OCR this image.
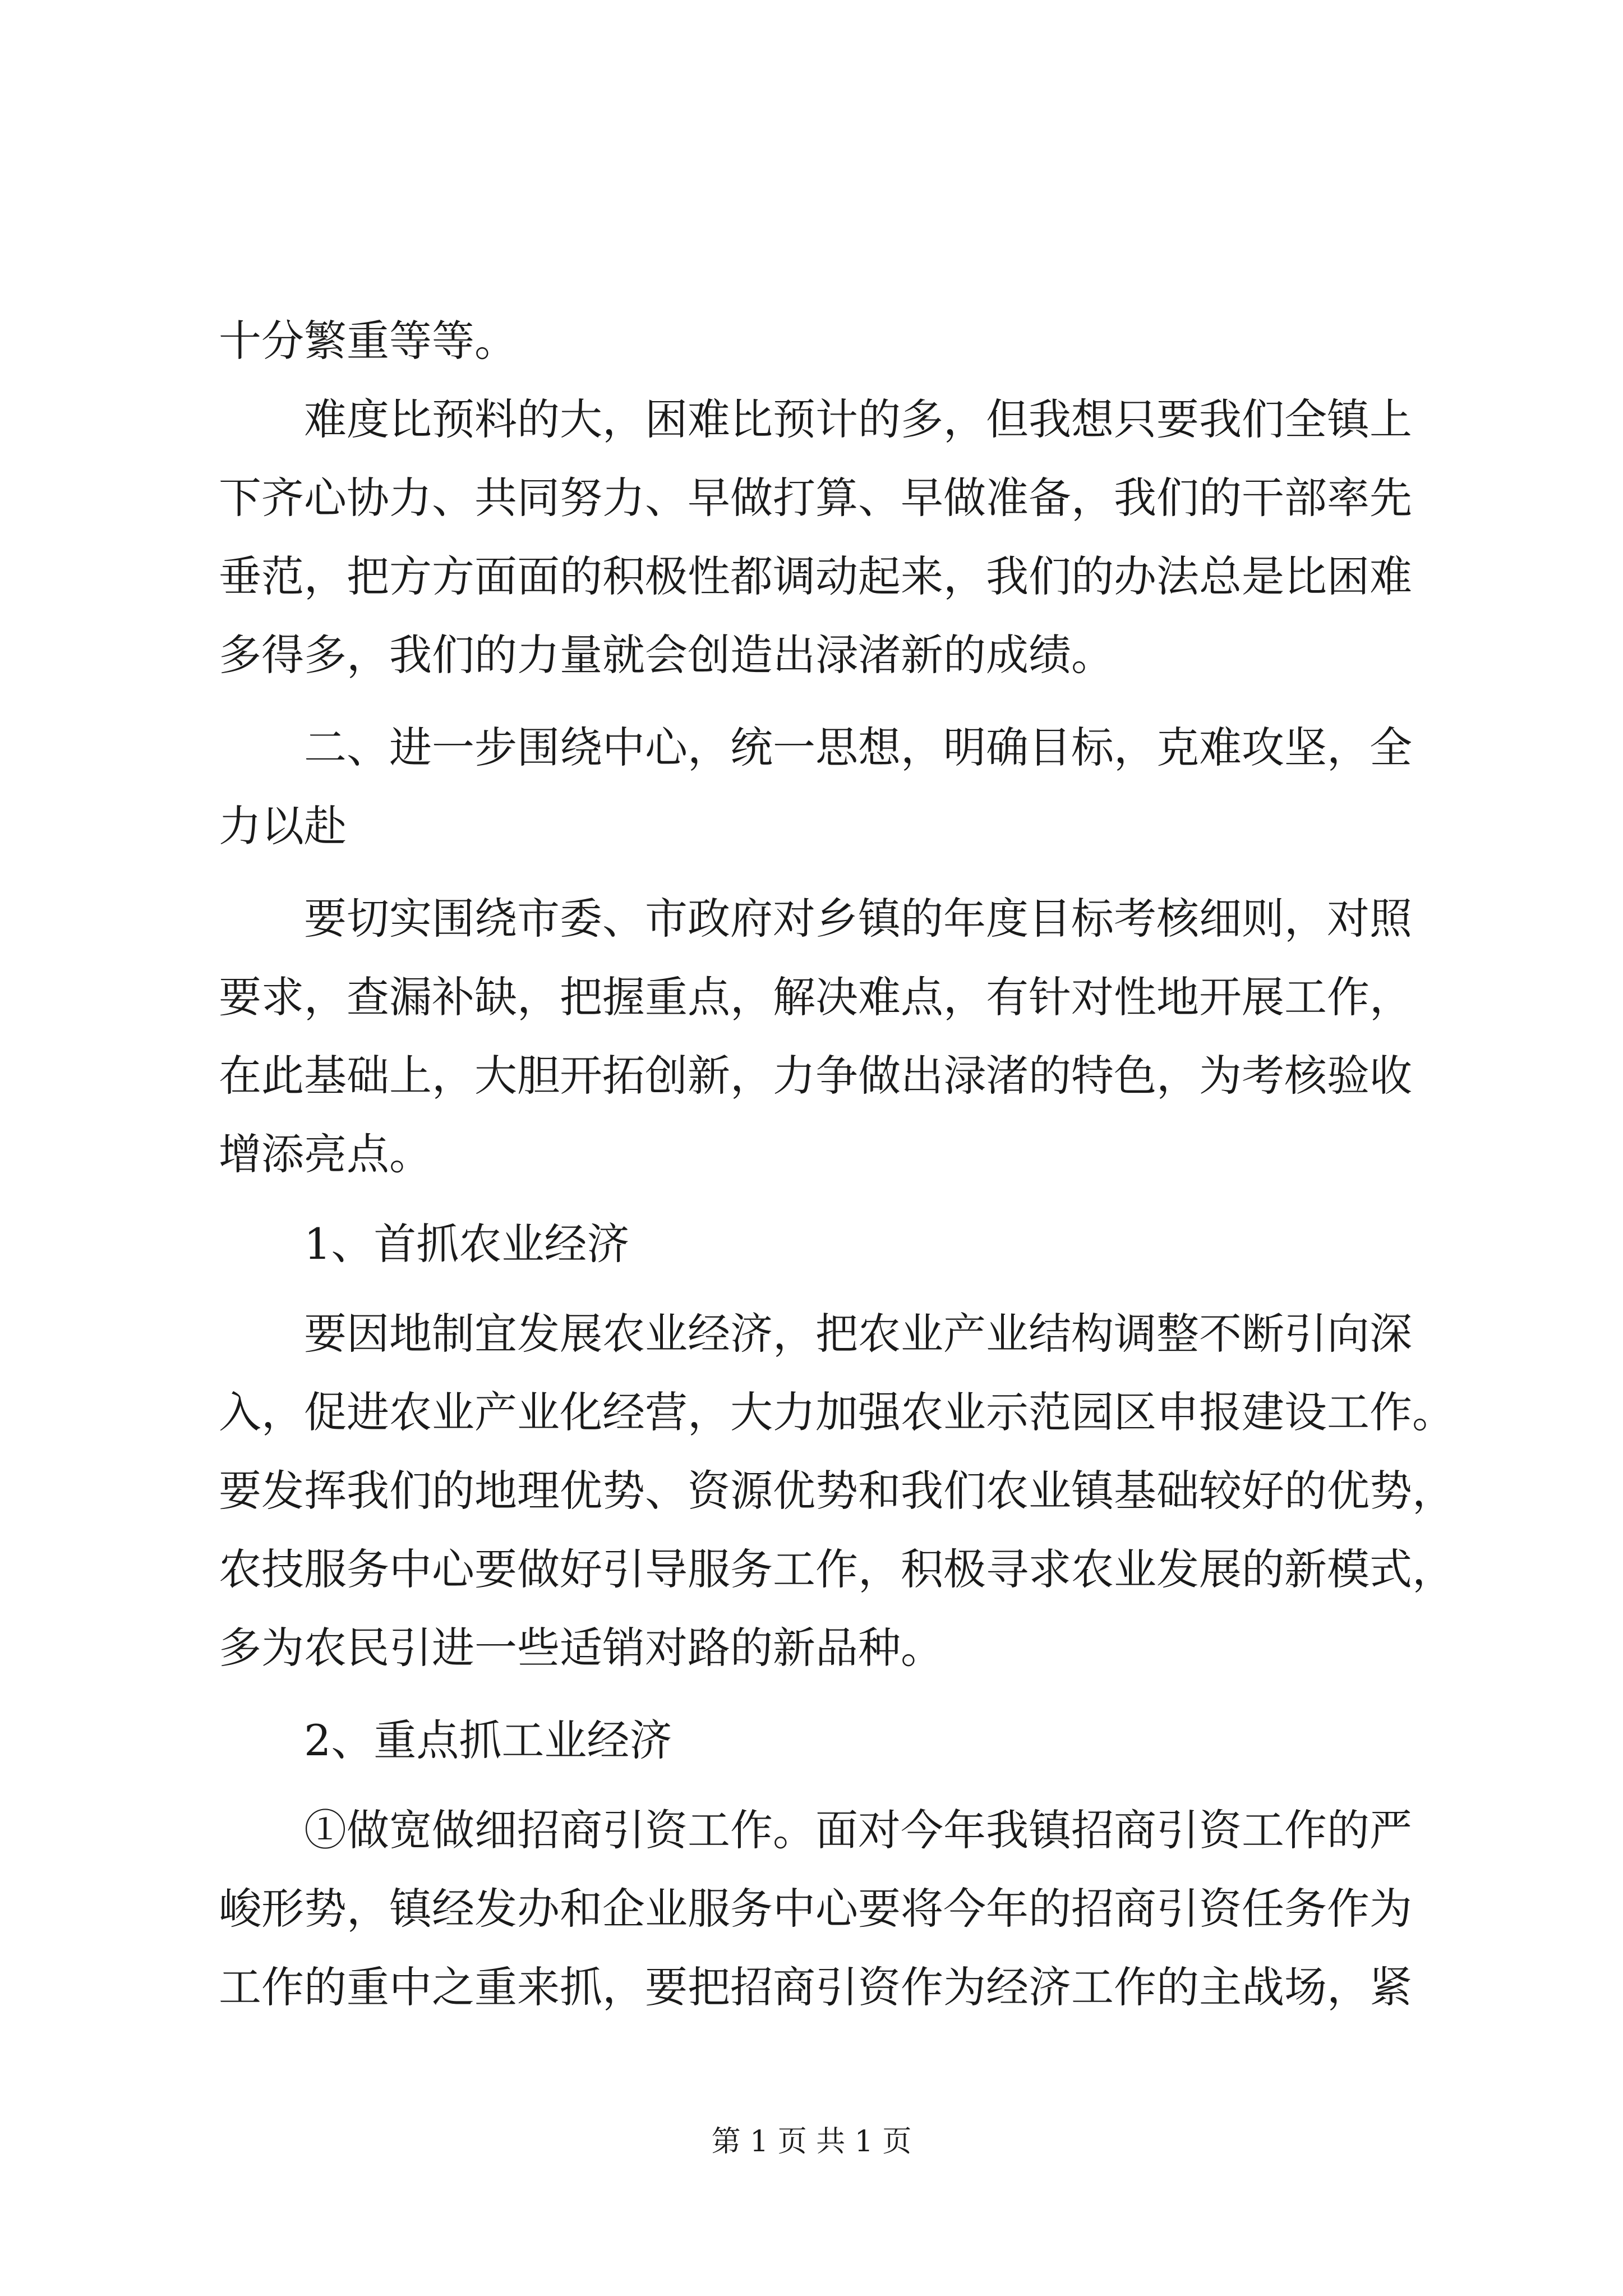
十分繁重等等。
难度比预料的大，困难比预计的多，但我想只要我们全镇上
下齐心协力、共同努力、早做打算、早做准备，我们的干部率先
垂范，把方方面面的积极性都调动起来，我们的办法总是比困难
多得多，我们的力量就会创造出渌渚新的成绩。
二、进一步围绕中心，统一思想，明确目标，克难攻坚，全
力以赴
要切实围绕市委、市政府对乡镇的年度目标考核细则，对照
要求，查漏补缺，把握重点，解决难点，有针对性地开展工作，
在此基础上，大胆开拓创新，力争做出渌渚的特色，为考核验收
增添亮点。
1、首抓农业经济
要因地制宜发展农业经济，把农业产业结构调整不断引向深
入，促进农业产业化经营，大力加强农业示范园区申报建设工作。
要发挥我们的地理优势、资源优势和我们农业镇基础较好的优势，
农技服务中心要做好引导服务工作，积极寻求农业发展的新模式，
多为农民引进一些适销对路的新品种。
2、重点抓工业经济
①做宽做细招商引资工作。面对今年我镇招商引资工作的严
峻形势，镇经发办和企业服务中心要将今年的招商引资任务作为
工作的重中之重来抓，要把招商引资作为经济工作的主战场，紧
第 1 页 共 1 页
